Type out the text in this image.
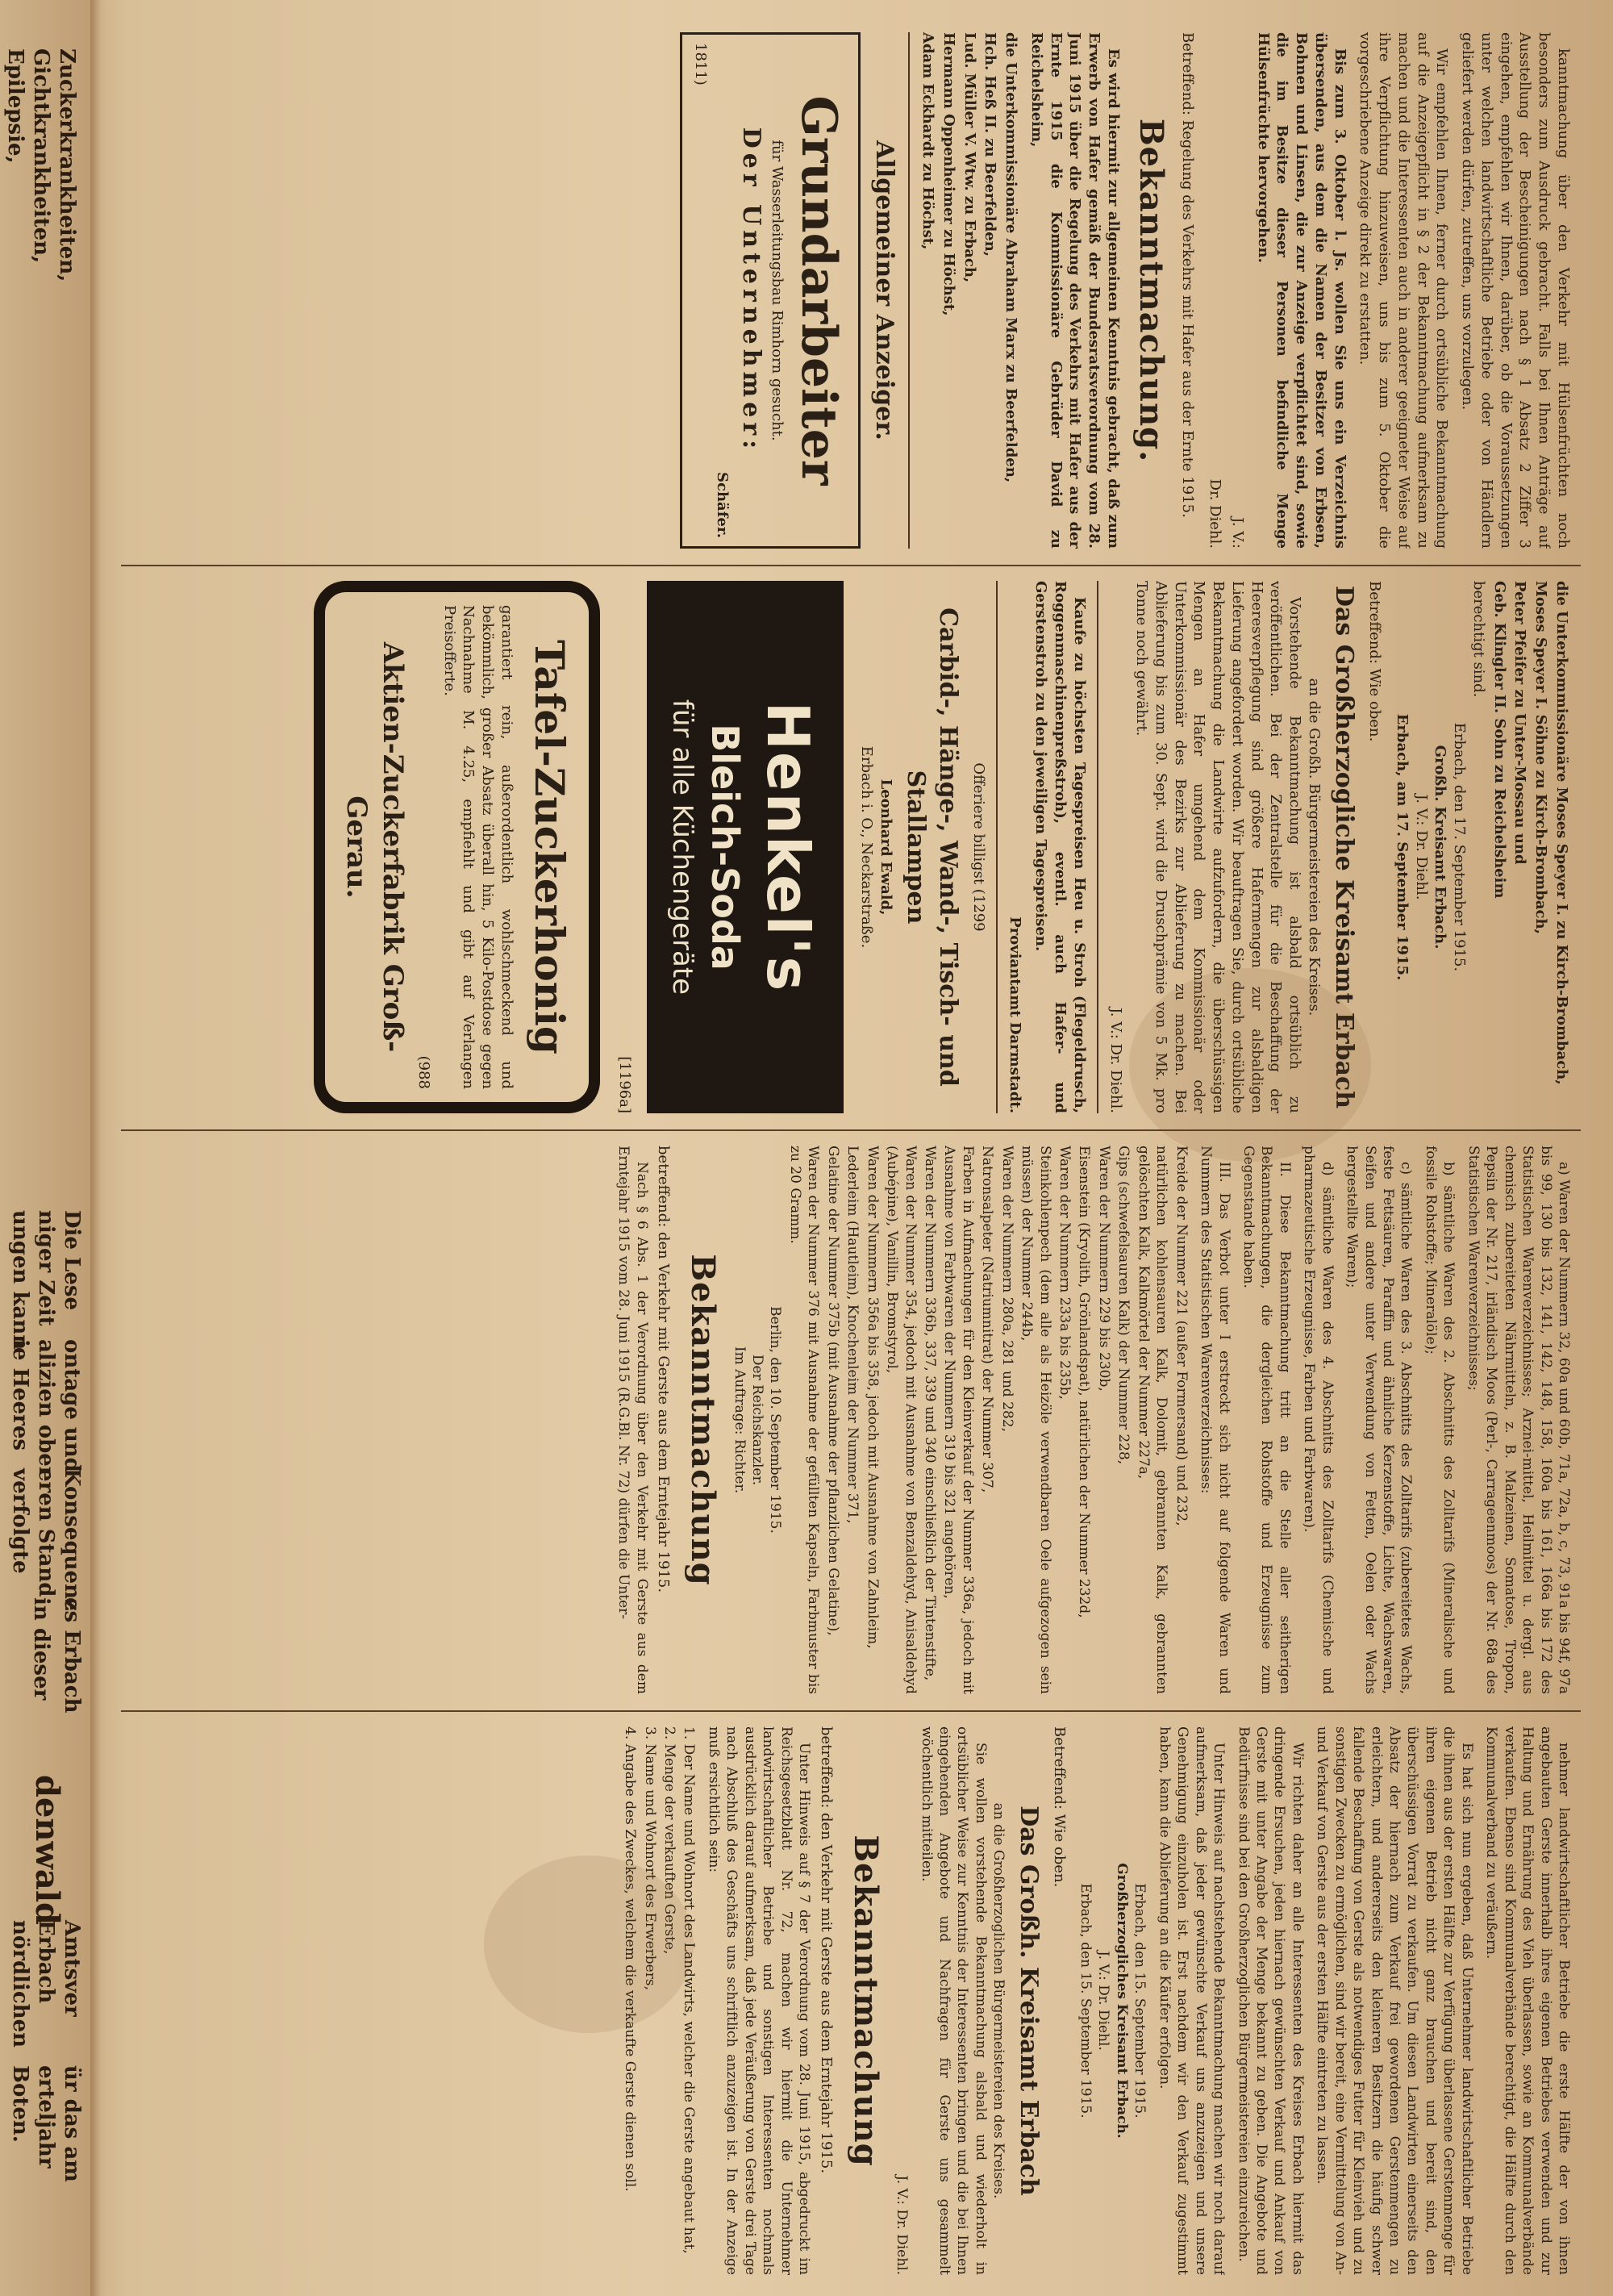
Zuckerkrankheiten,
Gichtkrankheiten,
Epilepsie,
Die Lese
niger Zeit
ungen kann
ontage und
alizien ober
ie Heeres
Konsequenz
eren Stand
verfolgte
es Erbach
in dieser
denwald
Amtsver
Erbach
nördlichen
ür das am
erteljahr
Boten.

kanntmachung über den Verkehr mit Hülsenfrüchten noch besonders zum Ausdruck gebracht. Falls bei Ihnen Anträge auf Ausstellung der Bescheinigungen nach § 1 Absatz 2 Ziffer 3 eingehen, empfehlen wir Ihnen, darüber, ob die Voraussetzungen unter welchen landwirtschaftliche Betriebe oder von Händlern geliefert werden dürfen, zutreffen, uns vorzulegen.

Wir empfehlen Ihnen, ferner durch ortsübliche Bekanntmachung auf die Anzeigepflicht in § 2 der Bekanntmachung aufmerksam zu machen und die Interessenten auch in anderer geeigneter Weise auf ihre Verpflichtung hinzuweisen, uns bis zum 5. Oktober die vorgeschriebene Anzeige direkt zu erstatten.

Bis zum 3. Oktober l. Js. wollen Sie uns ein Verzeichnis übersenden, aus dem die Namen der Besitzer von Erbsen, Bohnen und Linsen, die zur Anzeige verpflichtet sind, sowie die im Besitze dieser Personen befindliche Menge Hülsenfrüchte hervorgehen.

J. V.:
Dr. Diehl.
Betreffend: Regelung des Verkehrs mit Hafer aus der Ernte 1915.
Bekanntmachung.

Es wird hiermit zur allgemeinen Kenntnis gebracht, daß zum Erwerb von Hafer gemäß der Bundesratsverordnung vom 28. Juni 1915 über die Regelung des Verkehrs mit Hafer aus der Ernte 1915 die Kommissionäre Gebrüder David zu Reichelsheim,

die Unterkommissionäre Abraham Marx zu Beerfelden,
Hch. Heß II. zu Beerfelden,
Lud. Müller V. Wtw. zu Erbach,
Hermann Oppenheimer zu Höchst,
Adam Eckhardt zu Höchst,
Allgemeiner Anzeiger.
Grundarbeiter
für Wasserleitungsbau Rimhorn gesucht.
Der Unternehmer:
Schäfer.
1811)
die Unterkommissionäre Moses Speyer I. zu Kirch-Brombach,
Moses Speyer I. Söhne zu Kirch-Brombach,
Peter Pfeifer zu Unter-Mossau und
Geb. Klingler II. Sohn zu Reichelsheim
berechtigt sind.
Erbach, den 17. September 1915.
Großh. Kreisamt Erbach.
J. V.: Dr. Diehl.
Erbach, am 17. September 1915.
Betreffend: Wie oben.
Das Großherzogliche Kreisamt Erbach
an die Großh. Bürgermeistereien des Kreises.

Vorstehende Bekanntmachung ist alsbald ortsüblich zu veröffentlichen. Bei der Zentralstelle für die Beschaffung der Heeresverpflegung sind größere Hafermengen zur alsbaldigen Lieferung angefordert worden. Wir beauftragen Sie, durch ortsübliche Bekanntmachung die Landwirte aufzufordern, die überschüssigen Mengen an Hafer umgehend dem Kommissionär oder Unterkommissionär des Bezirks zur Ablieferung zu machen. Bei Ablieferung bis zum 30. Sept. wird die Druschprämie von 5 Mk. pro Tonne noch gewährt.

J. V.: Dr. Diehl.

Kaufe zu höchsten Tagespreisen Heu u. Stroh (Flegeldrusch, Roggenmaschinenpreßstroh), eventl. auch Hafer- und Gerstenstroh zu den jeweiligen Tagespreisen.

Proviantamt Darmstadt.
Offeriere billigst (1299
Carbid-, Hänge-, Wand-, Tisch- und Stallampen
Leonhard Ewald,
Erbach i. O., Neckarstraße.
Henkel's
Bleich-Soda
für alle Küchengeräte
[1196a]
Tafel-Zuckerhonig
garantiert rein, außerordentlich wohlschmeckend und bekömmlich, großer Absatz überall hin, 5 Kilo-Postdose gegen Nachnahme M. 4.25, empfiehlt und gibt auf Verlangen Preisofferte.
(988
Aktien-Zuckerfabrik Groß-Gerau.

a) Waren der Nummern 32, 60a und 60b, 71a, 72a, b, c, 73, 91a bis 94f, 97a bis 99, 130 bis 132, 141, 142, 148, 158, 160a bis 161, 166a bis 172 des Statistischen Warenverzeichnisses; Arznei-mittel, Heilmittel u. dergl. aus chemisch zubereiteten Nährmitteln, z. B. Malzeinen, Somatose, Tropon, Pepsin der Nr. 217, irländisch Moos (Perl-, Carrageenmoos) der Nr. 68a des Statistischen Warenverzeichnisses;

b) sämtliche Waren des 2. Abschnitts des Zolltarifs (Mineralische und fossile Rohstoffe; Mineralöle);

c) sämtliche Waren des 3. Abschnitts des Zolltarifs (zubereitetes Wachs, feste Fettsäuren, Paraffin und ähnliche Kerzenstoffe, Lichte, Wachswaren, Seifen und andere unter Verwendung von Fetten, Oelen oder Wachs hergestellte Waren);

d) sämtliche Waren des 4. Abschnitts des Zolltarifs (Chemische und pharmazeutische Erzeugnisse, Farben und Farbwaren).

II. Diese Bekanntmachung tritt an die Stelle aller seitherigen Bekanntmachungen, die dergleichen Rohstoffe und Erzeugnisse zum Gegenstande haben.

III. Das Verbot unter I erstreckt sich nicht auf folgende Waren und Nummern des Statistischen Warenverzeichnisses:

Kreide der Nummer 221 (außer Formersand) und 232,
natürlichen kohlensauren Kalk, Dolomit, gebrannten Kalk, gebrannten gelöschten Kalk, Kalkmörtel der Nummer 227a,
Gips (schwefelsauren Kalk) der Nummer 228,
Waren der Nummern 229 bis 230b,
Eisenstein (Kryolith, Grönlandspat), natürlichen der Nummer 232d,
Waren der Nummern 233a bis 235b,
Steinkohlenpech (dem alle als Heizöle verwendbaren Oele aufgezogen sein müssen) der Nummer 244b,
Waren der Nummern 280a, 281 und 282,
Natronsalpeter (Natriumnitrat) der Nummer 307,
Farben in Aufmachungen für den Kleinverkauf der Nummer 336a, jedoch mit Ausnahme von Farbwaren der Nummern 319 bis 321 angehören,
Waren der Nummern 336b, 337, 339 und 340 einschließlich der Tintenstifte,
Waren der Nummer 354, jedoch mit Ausnahme von Benzaldehyd, Anisaldehyd (Aubépine), Vanillin, Bromstyrol,
Waren der Nummern 356a bis 358, jedoch mit Ausnahme von Zahnleim,
Lederleim (Hautleim), Knochenleim der Nummer 371,
Gelatine der Nummer 375b (mit Ausnahme der pflanzlichen Gelatine),
Waren der Nummer 376 mit Ausnahme der gefüllten Kapseln, Farbmuster bis zu 20 Gramm.
Berlin, den 10. September 1915.
Der Reichskanzler.
Im Auftrage: Richter.
Bekanntmachung
betreffend: den Verkehr mit Gerste aus dem Erntejahr 1915.

Nach § 6 Abs. 1 der Verordnung über den Verkehr mit Gerste aus dem Erntejahr 1915 vom 28. Juni 1915 (R.G.Bl. Nr. 72) dürfen die Unter-

nehmer landwirtschaftlicher Betriebe die erste Hälfte der von ihnen angebauten Gerste innerhalb ihres eigenen Betriebes verwenden und zur Haltung und Ernährung des Vieh überlassen, sowie an Kommunalverbände verkaufen. Ebenso sind Kommunalverbände berechtigt, die Hälfte durch den Kommunalverband zu veräußern.

Es hat sich nun ergeben, daß Unternehmer landwirtschaftlicher Betriebe die ihnen aus der ersten Hälfte zur Verfügung überlassene Gerstenmenge für ihren eigenen Betrieb nicht ganz brauchen und bereit sind, den überschüssigen Vorrat zu verkaufen. Um diesen Landwirten einerseits den Absatz der hiernach zum Verkauf frei gewordenen Gerstenmengen zu erleichtern, und andererseits den kleineren Besitzern die häufig schwer fallende Beschaffung von Gerste als notwendiges Futter für Kleinvieh und zu sonstigen Zwecken zu ermöglichen, sind wir bereit, eine Vermittelung von An- und Verkauf von Gerste aus der ersten Hälfte eintreten zu lassen.

Wir richten daher an alle Interessenten des Kreises Erbach hiermit das dringende Ersuchen, jeden hiernach gewünschten Verkauf und Ankauf von Gerste mit unter Angabe der Menge bekannt zu geben. Die Angebote und Bedürfnisse sind bei den Großherzoglichen Bürgermeistereien einzureichen.

Unter Hinweis auf nachstehende Bekanntmachung machen wir noch darauf aufmerksam, daß jeder gewünschte Verkauf uns anzuzeigen und unsere Genehmigung einzuholen ist. Erst nachdem wir den Verkauf zugestimmt haben, kann die Ablieferung an die Käufer erfolgen.

Erbach, den 15. September 1915.
Großherzogliches Kreisamt Erbach.
J. V.: Dr. Diehl.
Erbach, den 15. September 1915.
Betreffend: Wie oben.
Das Großh. Kreisamt Erbach
an die Großherzoglichen Bürgermeistereien des Kreises.

Sie wollen vorstehende Bekanntmachung alsbald und wiederholt in ortsüblicher Weise zur Kenntnis der Interessenten bringen und die bei Ihnen eingehenden Angebote und Nachfragen für Gerste uns gesammelt wöchentlich mitteilen.

J. V.: Dr. Diehl.
Bekanntmachung
betreffend: den Verkehr mit Gerste aus dem Erntejahr 1915.

Unter Hinweis auf § 7 der Verordnung vom 28. Juni 1915, abgedruckt im Reichsgesetzblatt Nr. 72, machen wir hiermit die Unternehmer landwirtschaftlicher Betriebe und sonstigen Interessenten nochmals ausdrücklich darauf aufmerksam, daß jede Veräußerung von Gerste drei Tage nach Abschluß des Geschäfts uns schriftlich anzuzeigen ist. In der Anzeige muß ersichtlich sein:

1. Der Name und Wohnort des Landwirts, welcher die Gerste angebaut hat,
2. Menge der verkauften Gerste,
3. Name und Wohnort des Erwerbers,
4. Angabe des Zweckes, welchem die verkaufte Gerste dienen soll.
